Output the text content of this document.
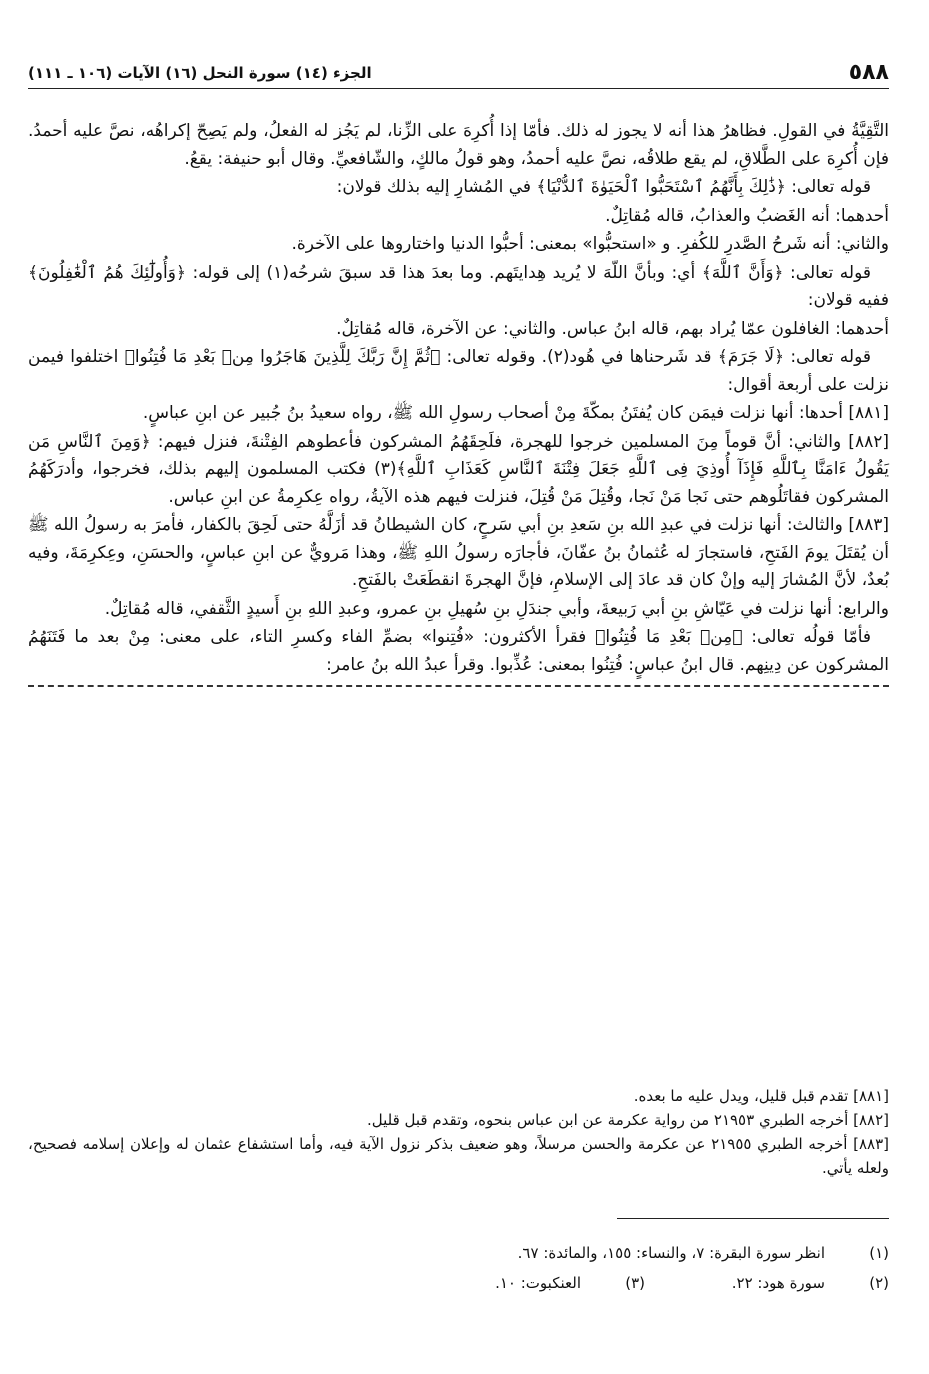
٥٨٨
الجزء (١٤) سورة النحل (١٦) الآيات (١٠٦ ـ ١١١)

التَّقِيَّةُ في القولِ. فظاهرُ هذا أنه لا يجوز له ذلك. فأمّا إذا أُكرِهَ على الزِّنا، لم يَجُز له الفعلُ، ولم يَصِحّ إكراهُه، نصَّ عليه أحمدُ. فإن أُكرِهَ على الطَّلاقِ، لم يقع طلاقُه، نصَّ عليه أحمدُ، وهو قولُ مالكٍ، والشّافعيِّ. وقال أبو حنيفة: يقعُ.

قوله تعالى: ﴿ذَٰلِكَ بِأَنَّهُمُ ٱسْتَحَبُّوا ٱلْحَيَوٰةَ ٱلدُّنْيَا﴾ في المُشارِ إليه بذلك قولان:

أحدهما: أنه الغَضبُ والعذابُ، قاله مُقاتِلٌ.

والثاني: أنه شَرحُ الصَّدرِ للكُفرِ. و «استحبُّوا» بمعنى: أحبُّوا الدنيا واختاروها على الآخرة.

قوله تعالى: ﴿وَأَنَّ ٱللَّهَ﴾ أي: وبأنَّ اللّهَ لا يُريد هِدايتَهم. وما بعدَ هذا قد سبقَ شرحُه(١) إلى قوله: ﴿وَأُولَٰٓئِكَ هُمُ ٱلْغَٰفِلُونَ﴾ ففيه قولان:

أحدهما: الغافلون عمّا يُراد بهم، قاله ابنُ عباس. والثاني: عن الآخرة، قاله مُقاتِلٌ.

قوله تعالى: ﴿لَا جَرَمَ﴾ قد شَرحناها في هُود(٢). وقوله تعالى: ﴿ثُمَّ إِنَّ رَبَّكَ لِلَّذِينَ هَاجَرُوا مِنۢ بَعْدِ مَا فُتِنُوا﴾ اختلفوا فيمن نزلت على أربعة أقوال:

[٨٨١] أحدها: أنها نزلت فيمَن كان يُفتَنُ بمكّةَ مِنْ أصحاب رسولِ الله ﷺ، رواه سعيدُ بنُ جُبير عن ابنِ عباسٍ.

[٨٨٢] والثاني: أنَّ قوماً مِنَ المسلمين خرجوا للهجرة، فلَحِقَهُمُ المشركون فأعطوهم الفِتْنةَ، فنزل فيهم: ﴿وَمِنَ ٱلنَّاسِ مَن يَقُولُ ءَامَنَّا بِٱللَّهِ فَإِذَآ أُوذِيَ فِى ٱللَّهِ جَعَلَ فِتْنَةَ ٱلنَّاسِ كَعَذَابِ ٱللَّهِ﴾(٣) فكتب المسلمون إليهم بذلك، فخرجوا، وأدرَكَهُمُ المشركون فقاتَلُوهم حتى نَجا مَنْ نَجا، وقُتِلَ مَنْ قُتِلَ، فنزلت فيهم هذه الآيةُ، رواه عِكرِمةُ عن ابنِ عباس.

[٨٨٣] والثالث: أنها نزلت في عبدِ الله بنِ سَعدِ بنِ أبي سَرحٍ، كان الشيطانُ قد أزَلَّهُ حتى لَحِقَ بالكفار، فأمرَ به رسولُ الله ﷺ أن يُقتَلَ يومَ الفَتحِ، فاستجارَ له عُثمانُ بنُ عفّانَ، فأجارَه رسولُ اللهِ ﷺ، وهذا مَرويٌّ عن ابنِ عباسٍ، والحسَنِ، وعِكرِمَةَ، وفيه بُعدٌ، لأنَّ المُشارَ إليه وإنْ كان قد عادَ إلى الإسلامِ، فإنَّ الهجرةَ انقطَعَتْ بالفَتحِ.

والرابع: أنها نزلت في عَيّاشِ بنِ أبي رَبيعةَ، وأبي جندَلِ بنِ سُهيلِ بنِ عمرو، وعبدِ اللهِ بنِ أَسيدٍ الثَّقفي، قاله مُقاتِلٌ.

فأمّا قولُه تعالى: ﴿مِنۢ بَعْدِ مَا فُتِنُوا﴾ فقرأ الأكثرون: «فُتِنوا» بضمِّ الفاء وكسرِ التاء، على معنى: مِنْ بعد ما فَتَنَهُمُ المشركون عن دِينِهم. قال ابنُ عباسٍ: فُتِنُوا بمعنى: عُذِّبوا. وقرأ عبدُ الله بنُ عامر:

[٨٨١] تقدم قبل قليل، ويدل عليه ما بعده.

[٨٨٢] أخرجه الطبري ٢١٩٥٣ من رواية عكرمة عن ابن عباس بنحوه، وتقدم قبل قليل.

[٨٨٣] أخرجه الطبري ٢١٩٥٥ عن عكرمة والحسن مرسلاً، وهو ضعيف بذكر نزول الآية فيه، وأما استشفاع عثمان له وإعلان إسلامه فصحيح، ولعله يأتي.

(١)
انظر سورة البقرة: ٧، والنساء: ١٥٥، والمائدة: ٦٧.
(٢)
سورة هود: ٢٢.
(٣)
العنكبوت: ١٠.
